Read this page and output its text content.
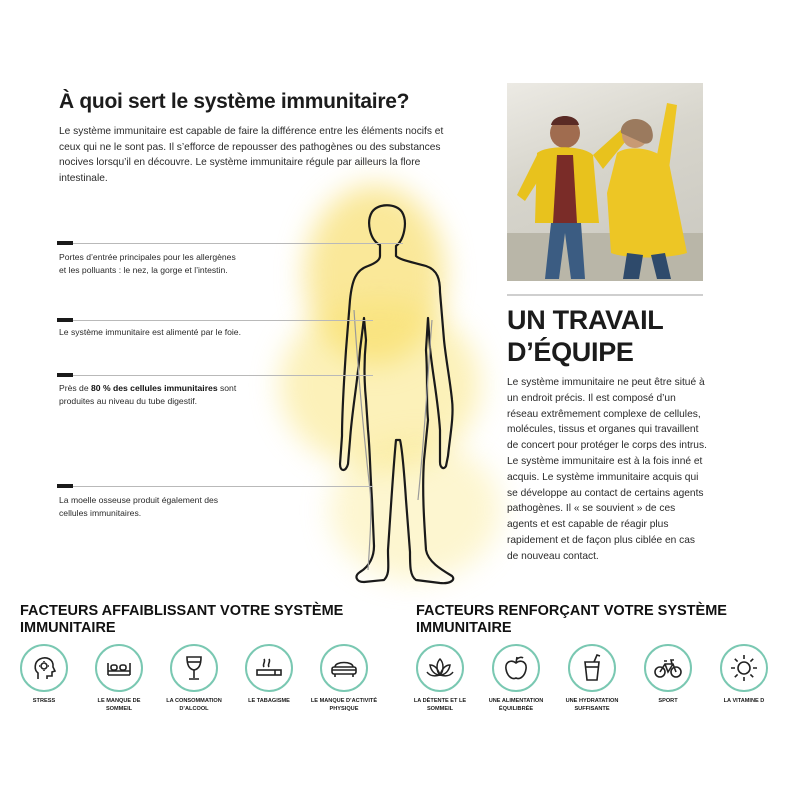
À quoi sert le système immunitaire?
Le système immunitaire est capable de faire la différence entre les éléments nocifs et ceux qui ne le sont pas. Il s’efforce de repousser des pathogènes ou des substances nocives lorsqu’il en découvre. Le système immunitaire régule par ailleurs la flore intestinale.
Portes d’entrée principales pour les allergènes et les polluants : le nez, la gorge et l’intestin.
Le système immunitaire est alimenté par le foie.
Près de 80 % des cellules immunitaires sont produites au niveau du tube digestif.
La moelle osseuse produit également des cellules immunitaires.
UN TRAVAIL
D’ÉQUIPE
Le système immunitaire ne peut être situé à un endroit précis. Il est composé d’un réseau extrêmement complexe de cellules, molécules, tissus et organes qui travaillent de concert pour protéger le corps des intrus. Le système immunitaire est à la fois inné et acquis. Le système immunitaire acquis qui se développe au contact de certains agents pathogènes. Il « se souvient » de ces agents et est capable de réagir plus rapidement et de façon plus ciblée en cas de nouveau contact.
FACTEURS AFFAIBLISSANT VOTRE SYSTÈME IMMUNITAIRE
FACTEURS RENFORÇANT VOTRE SYSTÈME IMMUNITAIRE
STRESS	LE MANQUE DE SOMMEIL
LA CONSOMMATION D’ALCOOL
LE TABAGISME	LE MANQUE D’ACTIVITÉ PHYSIQUE
LA DÉTENTE ET LE SOMMEIL
UNE ALIMENTATION ÉQUILIBRÉE
UNE HYDRATATION SUFFISANTE
SPORT	LA VITAMINE D
